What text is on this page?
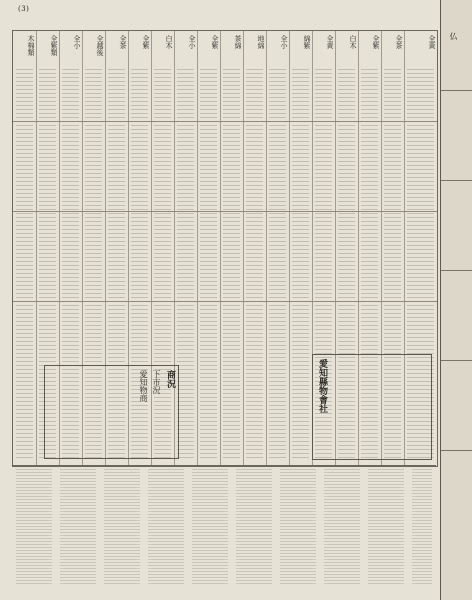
(3)
木棉類	全紫類	全小	全越後	全茶	全紫	白木	全小	全紫	茶綿	地綿	全小	綿紫	全黄	白木	全紫	全茶	全黃
商況
下市況
愛知物商	愛知縣物會社
仏
